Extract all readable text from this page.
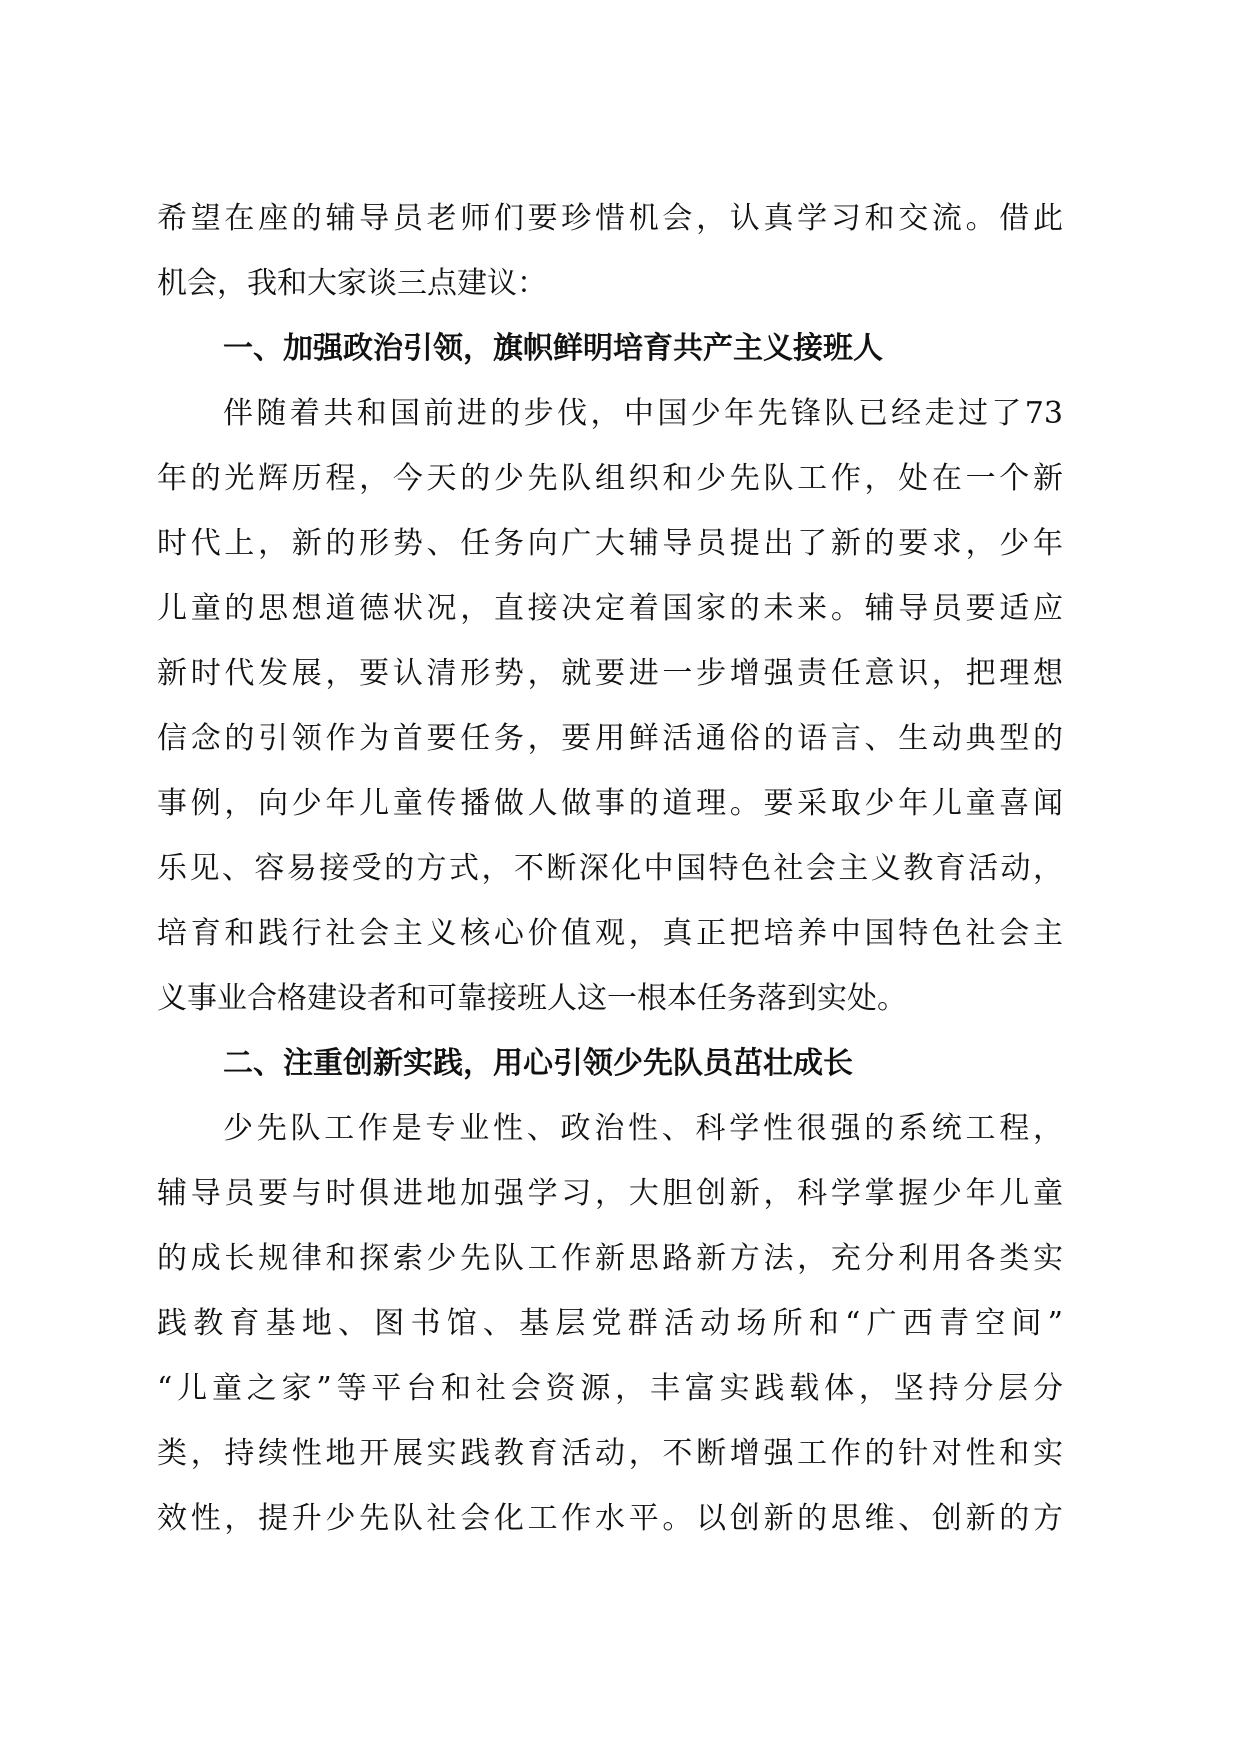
希望在座的辅导员老师们要珍惜机会，认真学习和交流。借此
机会，我和大家谈三点建议：
一、加强政治引领，旗帜鲜明培育共产主义接班人
伴随着共和国前进的步伐，中国少年先锋队已经走过了73
年的光辉历程，今天的少先队组织和少先队工作，处在一个新
时代上，新的形势、任务向广大辅导员提出了新的要求，少年
儿童的思想道德状况，直接决定着国家的未来。辅导员要适应
新时代发展，要认清形势，就要进一步增强责任意识，把理想
信念的引领作为首要任务，要用鲜活通俗的语言、生动典型的
事例，向少年儿童传播做人做事的道理。要采取少年儿童喜闻
乐见、容易接受的方式，不断深化中国特色社会主义教育活动，
培育和践行社会主义核心价值观，真正把培养中国特色社会主
义事业合格建设者和可靠接班人这一根本任务落到实处。
二、注重创新实践，用心引领少先队员茁壮成长
少先队工作是专业性、政治性、科学性很强的系统工程，
辅导员要与时俱进地加强学习，大胆创新，科学掌握少年儿童
的成长规律和探索少先队工作新思路新方法，充分利用各类实
践教育基地、图书馆、基层党群活动场所和“广西青空间”
“儿童之家”等平台和社会资源，丰富实践载体，坚持分层分
类，持续性地开展实践教育活动，不断增强工作的针对性和实
效性，提升少先队社会化工作水平。以创新的思维、创新的方
